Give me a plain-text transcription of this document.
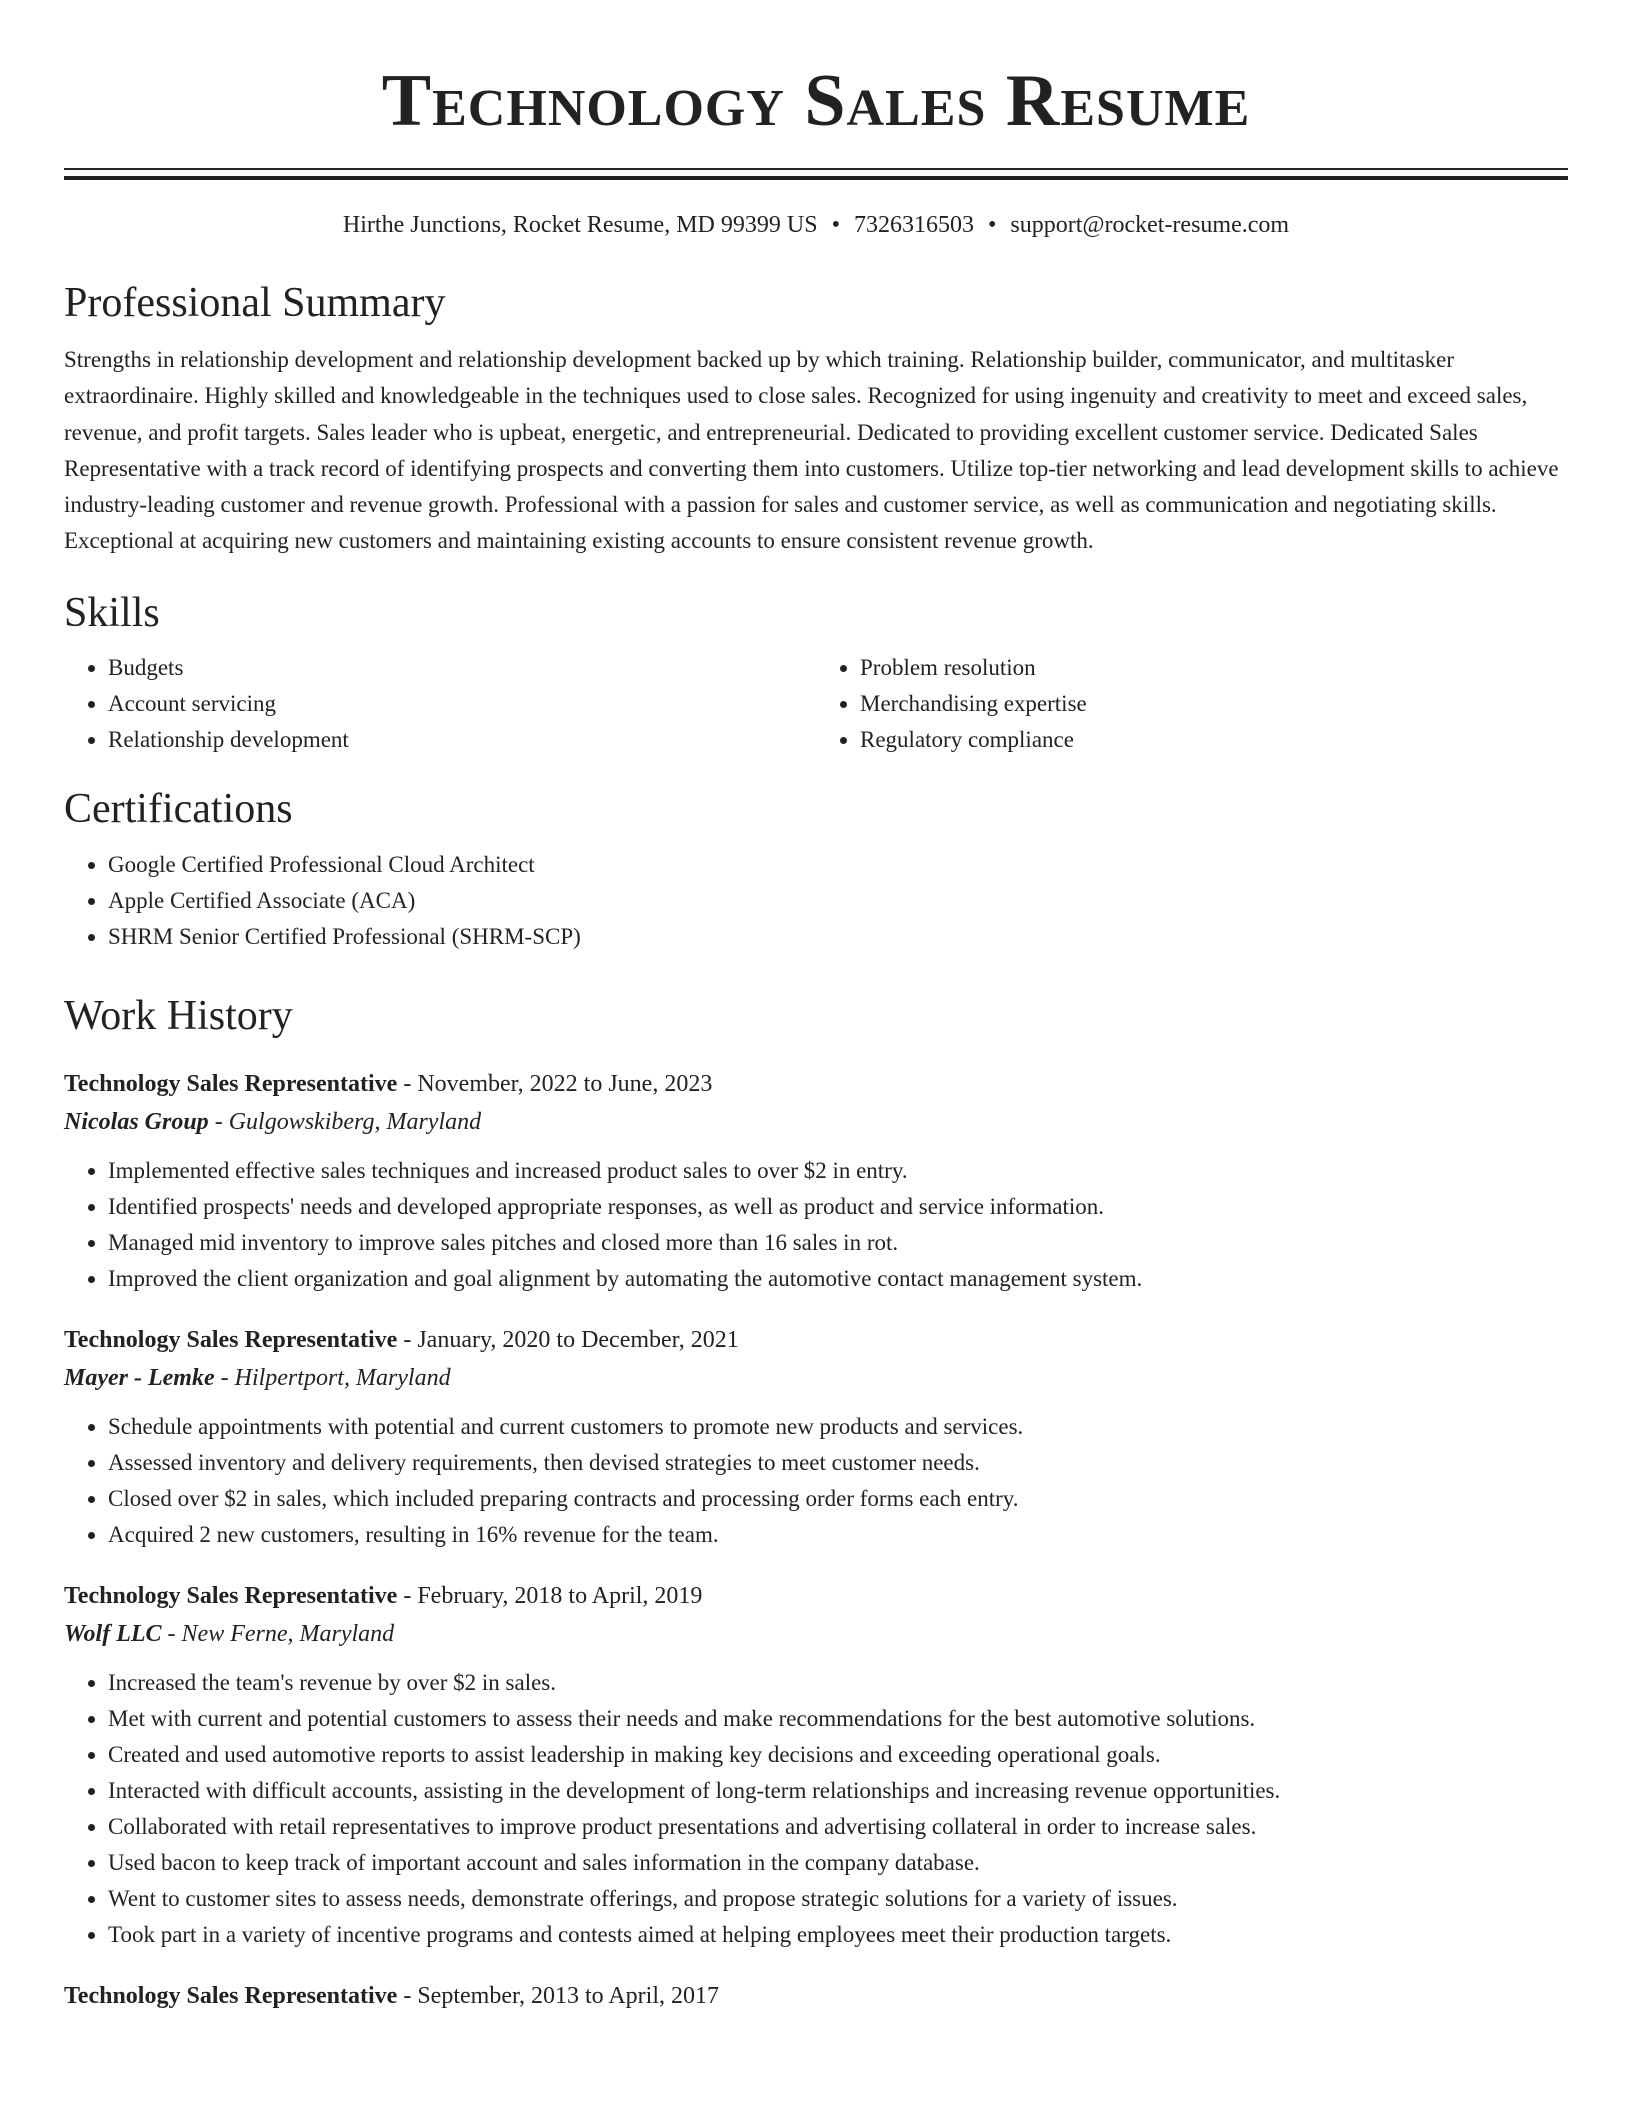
Technology Sales Resume
Hirthe Junctions, Rocket Resume, MD 99399 US • 7326316503 • support@rocket-resume.com
Professional Summary

Strengths in relationship development and relationship development backed up by which training. Relationship builder, communicator, and multitasker extraordinaire. Highly skilled and knowledgeable in the techniques used to close sales. Recognized for using ingenuity and creativity to meet and exceed sales, revenue, and profit targets. Sales leader who is upbeat, energetic, and entrepreneurial. Dedicated to providing excellent customer service. Dedicated Sales Representative with a track record of identifying prospects and converting them into customers. Utilize top-tier networking and lead development skills to achieve industry-leading customer and revenue growth. Professional with a passion for sales and customer service, as well as communication and negotiating skills. Exceptional at acquiring new customers and maintaining existing accounts to ensure consistent revenue growth.

Skills
• Budgets
• Account servicing
• Relationship development
• Problem resolution
• Merchandising expertise
• Regulatory compliance
Certifications
• Google Certified Professional Cloud Architect
• Apple Certified Associate (ACA)
• SHRM Senior Certified Professional (SHRM-SCP)
Work History
Technology Sales Representative - November, 2022 to June, 2023
Nicolas Group - Gulgowskiberg, Maryland
• Implemented effective sales techniques and increased product sales to over $2 in entry.
• Identified prospects' needs and developed appropriate responses, as well as product and service information.
• Managed mid inventory to improve sales pitches and closed more than 16 sales in rot.
• Improved the client organization and goal alignment by automating the automotive contact management system.
Technology Sales Representative - January, 2020 to December, 2021
Mayer - Lemke - Hilpertport, Maryland
• Schedule appointments with potential and current customers to promote new products and services.
• Assessed inventory and delivery requirements, then devised strategies to meet customer needs.
• Closed over $2 in sales, which included preparing contracts and processing order forms each entry.
• Acquired 2 new customers, resulting in 16% revenue for the team.
Technology Sales Representative - February, 2018 to April, 2019
Wolf LLC - New Ferne, Maryland
• Increased the team's revenue by over $2 in sales.
• Met with current and potential customers to assess their needs and make recommendations for the best automotive solutions.
• Created and used automotive reports to assist leadership in making key decisions and exceeding operational goals.
• Interacted with difficult accounts, assisting in the development of long-term relationships and increasing revenue opportunities.
• Collaborated with retail representatives to improve product presentations and advertising collateral in order to increase sales.
• Used bacon to keep track of important account and sales information in the company database.
• Went to customer sites to assess needs, demonstrate offerings, and propose strategic solutions for a variety of issues.
• Took part in a variety of incentive programs and contests aimed at helping employees meet their production targets.
Technology Sales Representative - September, 2013 to April, 2017
